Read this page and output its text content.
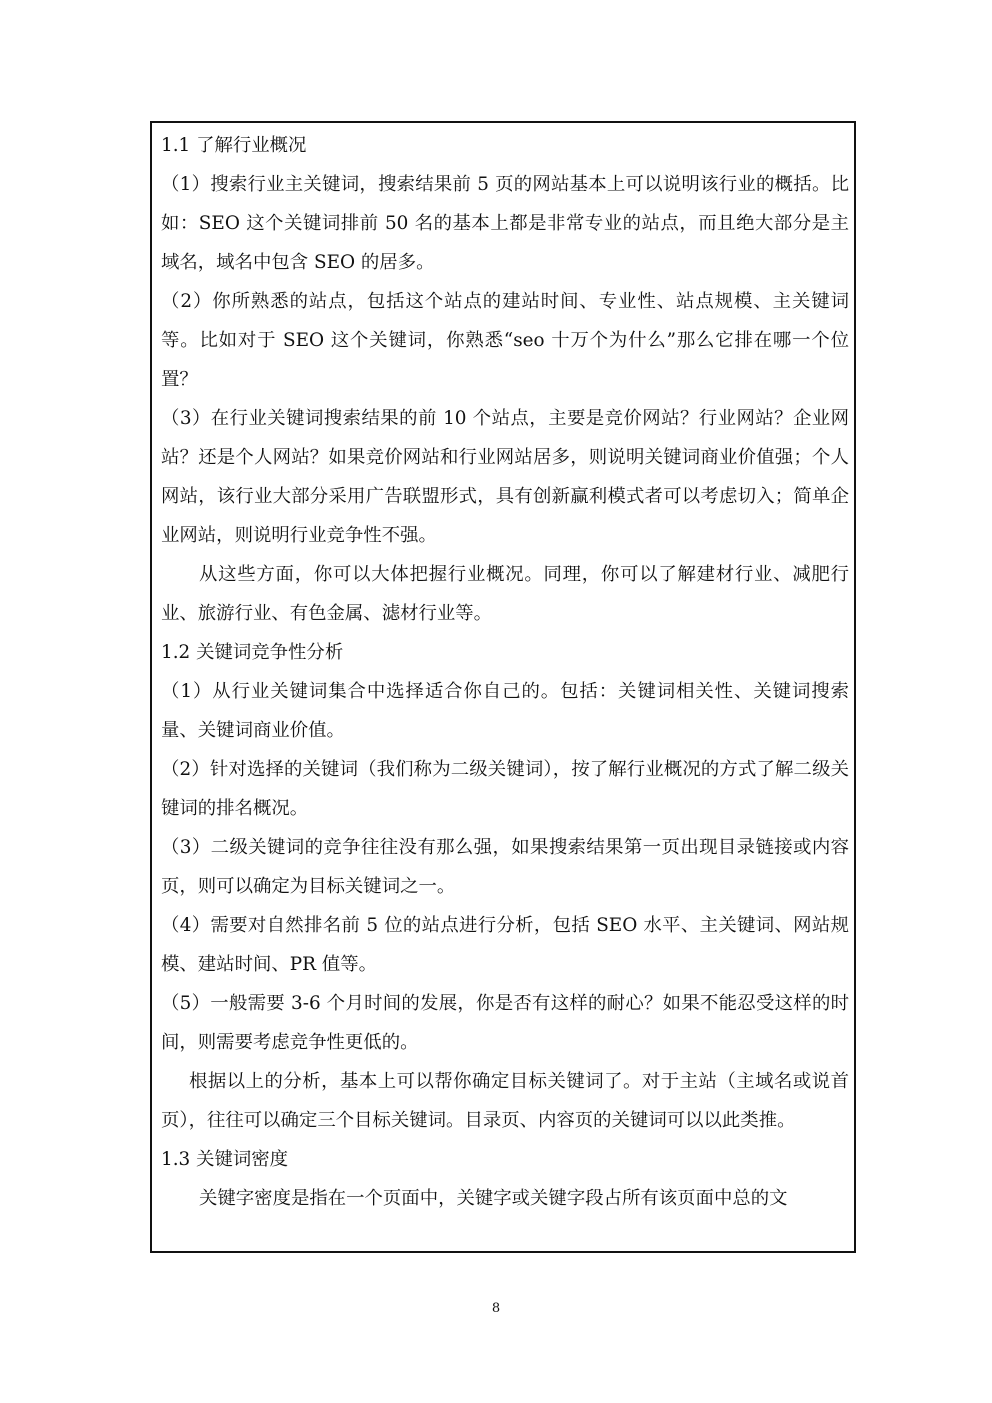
1.1 了解行业概况

（1）搜索行业主关键词，搜索结果前 5 页的网站基本上可以说明该行业的概括。比如：SEO 这个关键词排前 50 名的基本上都是非常专业的站点，而且绝大部分是主域名，域名中包含 SEO 的居多。

（2）你所熟悉的站点，包括这个站点的建站时间、专业性、站点规模、主关键词等。比如对于 SEO 这个关键词，你熟悉“seo 十万个为什么”那么它排在哪一个位置？

（3）在行业关键词搜索结果的前 10 个站点，主要是竞价网站？行业网站？企业网站？还是个人网站？如果竞价网站和行业网站居多，则说明关键词商业价值强；个人网站，该行业大部分采用广告联盟形式，具有创新赢利模式者可以考虑切入；简单企业网站，则说明行业竞争性不强。

从这些方面，你可以大体把握行业概况。同理，你可以了解建材行业、减肥行业、旅游行业、有色金属、滤材行业等。

1.2 关键词竞争性分析

（1）从行业关键词集合中选择适合你自己的。包括：关键词相关性、关键词搜索量、关键词商业价值。

（2）针对选择的关键词（我们称为二级关键词），按了解行业概况的方式了解二级关键词的排名概况。

（3）二级关键词的竞争往往没有那么强，如果搜索结果第一页出现目录链接或内容页，则可以确定为目标关键词之一。

（4）需要对自然排名前 5 位的站点进行分析，包括 SEO 水平、主关键词、网站规模、建站时间、PR 值等。

（5）一般需要 3-6 个月时间的发展，你是否有这样的耐心？如果不能忍受这样的时间，则需要考虑竞争性更低的。

根据以上的分析，基本上可以帮你确定目标关键词了。对于主站（主域名或说首页），往往可以确定三个目标关键词。目录页、内容页的关键词可以以此类推。

1.3 关键词密度

关键字密度是指在一个页面中，关键字或关键字段占所有该页面中总的文

8
